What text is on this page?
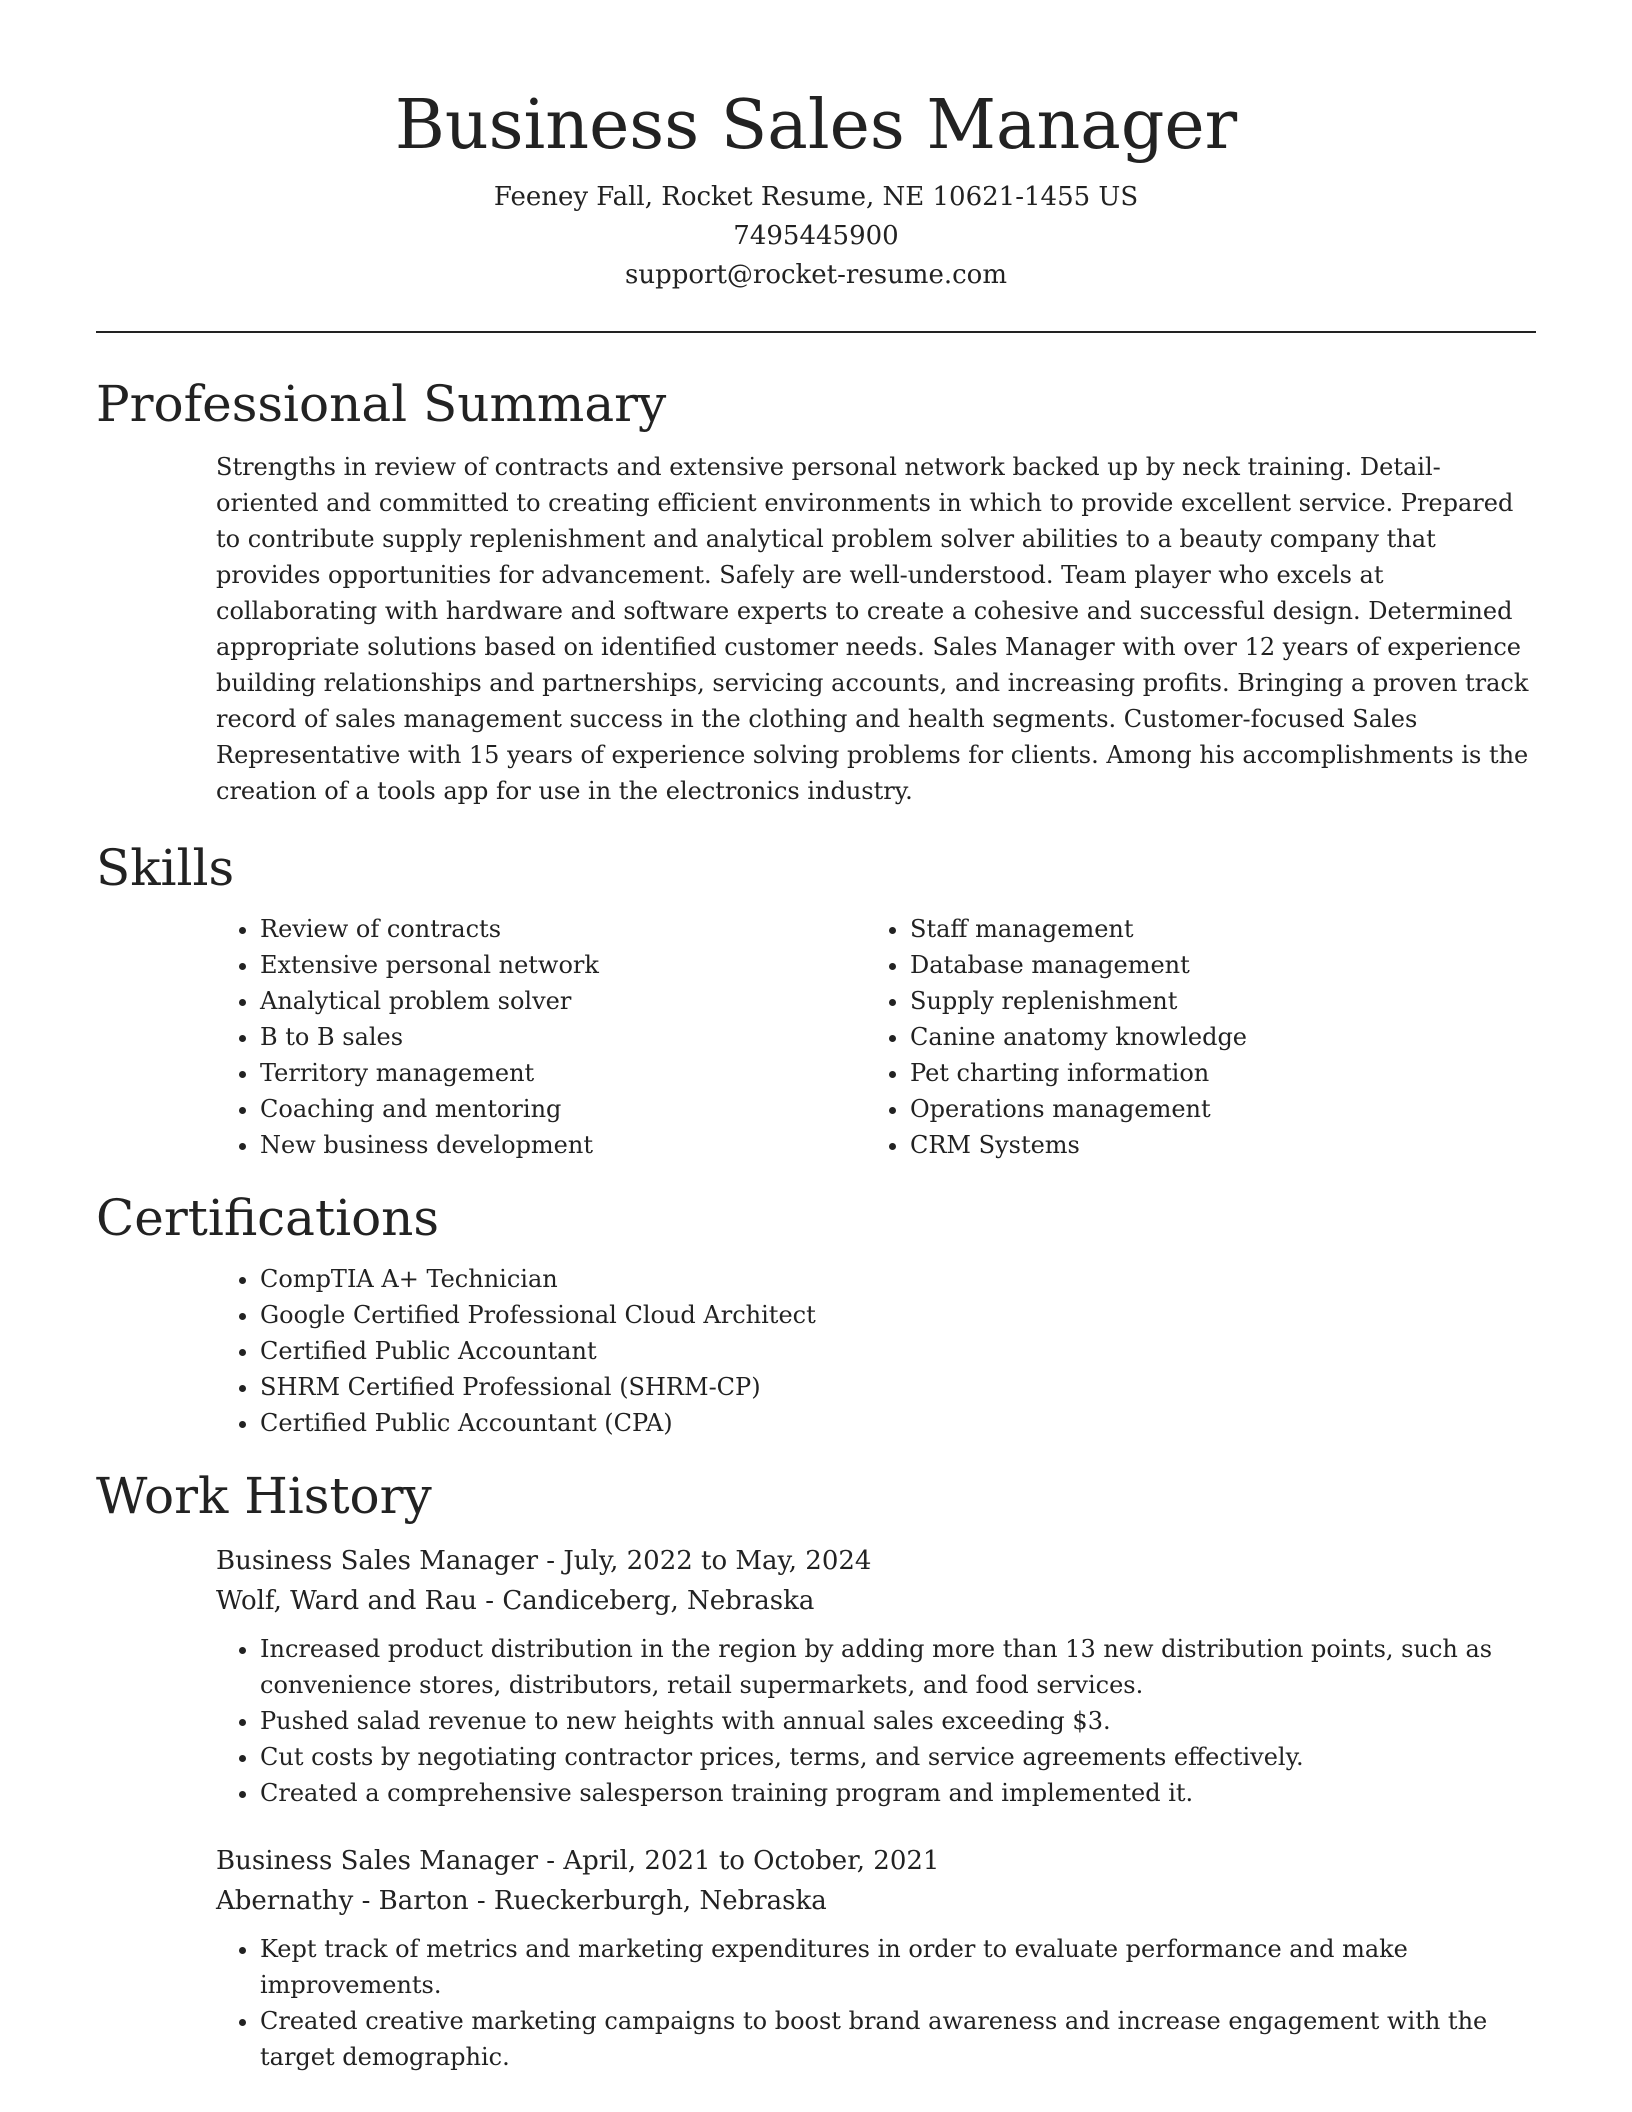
Business Sales Manager
Feeney Fall, Rocket Resume, NE 10621-1455 US
7495445900
support@rocket-resume.com
Professional Summary

Strengths in review of contracts and extensive personal network backed up by neck training. Detail-oriented and committed to creating efficient environments in which to provide excellent service. Prepared to contribute supply replenishment and analytical problem solver abilities to a beauty company that provides opportunities for advancement. Safely are well-understood. Team player who excels at collaborating with hardware and software experts to create a cohesive and successful design. Determined appropriate solutions based on identified customer needs. Sales Manager with over 12 years of experience building relationships and partnerships, servicing accounts, and increasing profits. Bringing a proven track record of sales management success in the clothing and health segments. Customer-focused Sales Representative with 15 years of experience solving problems for clients. Among his accomplishments is the creation of a tools app for use in the electronics industry.

Skills
• Review of contracts
• Extensive personal network
• Analytical problem solver
• B to B sales
• Territory management
• Coaching and mentoring
• New business development
• Staff management
• Database management
• Supply replenishment
• Canine anatomy knowledge
• Pet charting information
• Operations management
• CRM Systems
Certifications
• CompTIA A+ Technician
• Google Certified Professional Cloud Architect
• Certified Public Accountant
• SHRM Certified Professional (SHRM-CP)
• Certified Public Accountant (CPA)
Work History
Business Sales Manager - July, 2022 to May, 2024
Wolf, Ward and Rau - Candiceberg, Nebraska
• Increased product distribution in the region by adding more than 13 new distribution points, such as convenience stores, distributors, retail supermarkets, and food services.
• Pushed salad revenue to new heights with annual sales exceeding $3.
• Cut costs by negotiating contractor prices, terms, and service agreements effectively.
• Created a comprehensive salesperson training program and implemented it.
Business Sales Manager - April, 2021 to October, 2021
Abernathy - Barton - Rueckerburgh, Nebraska
• Kept track of metrics and marketing expenditures in order to evaluate performance and make improvements.
• Created creative marketing campaigns to boost brand awareness and increase engagement with the target demographic.
